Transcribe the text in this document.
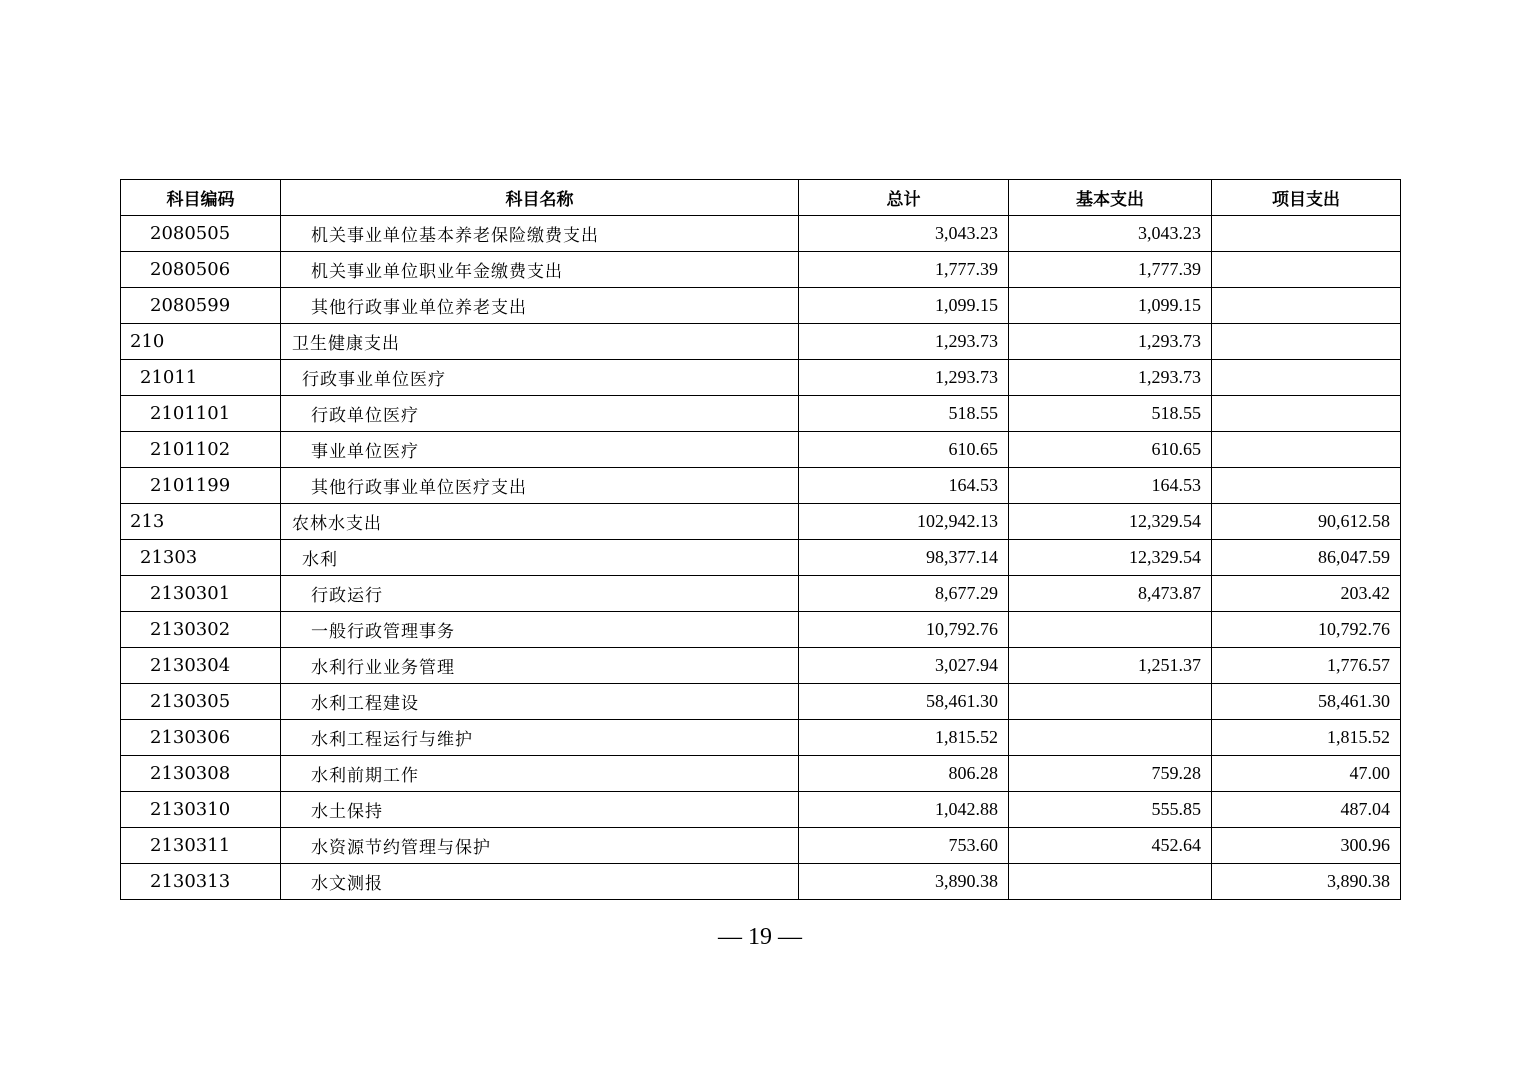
科目编码	科目名称	总计	基本支出	项目支出
2080505	机关事业单位基本养老保险缴费支出	3,043.23	3,043.23	
2080506	机关事业单位职业年金缴费支出	1,777.39	1,777.39	
2080599	其他行政事业单位养老支出	1,099.15	1,099.15	
210	卫生健康支出	1,293.73	1,293.73	
21011	行政事业单位医疗	1,293.73	1,293.73	
2101101	行政单位医疗	518.55	518.55	
2101102	事业单位医疗	610.65	610.65	
2101199	其他行政事业单位医疗支出	164.53	164.53	
213	农林水支出	102,942.13	12,329.54	90,612.58
21303	水利	98,377.14	12,329.54	86,047.59
2130301	行政运行	8,677.29	8,473.87	203.42
2130302	一般行政管理事务	10,792.76		10,792.76
2130304	水利行业业务管理	3,027.94	1,251.37	1,776.57
2130305	水利工程建设	58,461.30		58,461.30
2130306	水利工程运行与维护	1,815.52		1,815.52
2130308	水利前期工作	806.28	759.28	47.00
2130310	水土保持	1,042.88	555.85	487.04
2130311	水资源节约管理与保护	753.60	452.64	300.96
2130313	水文测报	3,890.38		3,890.38
— 19 —
